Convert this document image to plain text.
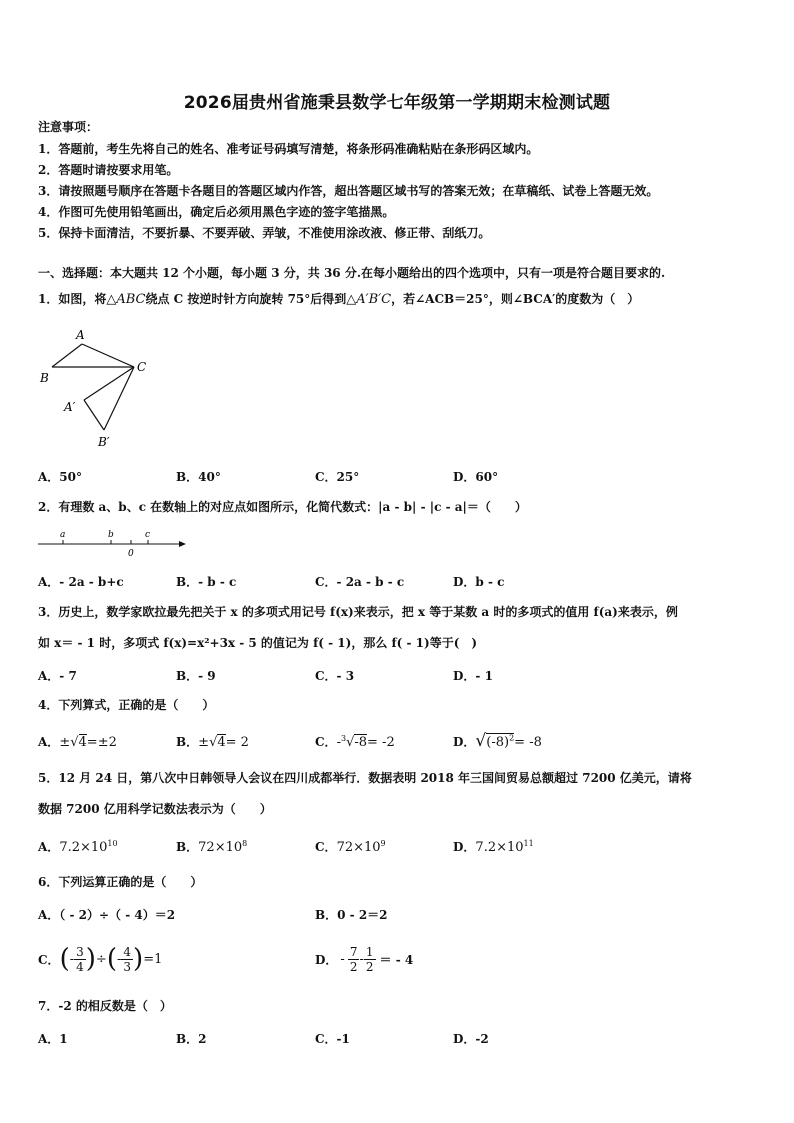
2026届贵州省施秉县数学七年级第一学期期末检测试题
注意事项：
1．答题前，考生先将自己的姓名、准考证号码填写清楚，将条形码准确粘贴在条形码区域内。
2．答题时请按要求用笔。
3．请按照题号顺序在答题卡各题目的答题区域内作答，超出答题区域书写的答案无效；在草稿纸、试卷上答题无效。
4．作图可先使用铅笔画出，确定后必须用黑色字迹的签字笔描黑。
5．保持卡面清洁，不要折暴、不要弄破、弄皱，不准使用涂改液、修正带、刮纸刀。
一、选择题：本大题共 12 个小题，每小题 3 分，共 36 分.在每小题给出的四个选项中，只有一项是符合题目要求的.
1．如图，将△ABC绕点 C 按逆时针方向旋转 75°后得到△A′B′C，若∠ACB＝25°，则∠BCA′的度数为（　）
A
B
C
A′
B′
A．50°	B．40°	C．25°	D．60°
2．有理数 a、b、c 在数轴上的对应点如图所示，化简代数式：|a - b| - |c - a|＝（　　）
a	b
0
c
A．- 2a - b+c	B．- b - c	C．- 2a - b - c	D．b - c
3．历史上，数学家欧拉最先把关于 x 的多项式用记号 f(x)来表示，把 x 等于某数 a 时的多项式的值用 f(a)来表示，例
如 x＝ - 1 时，多项式 f(x)=x²+3x - 5 的值记为 f( - 1)，那么 f( - 1)等于(　)
A．- 7	B．- 9	C．- 3	D．- 1
4．下列算式，正确的是（　　）
A．±√4=±2	B．±√4= 2	C．-$^3$√-8= -2	D．$√(-8)^2= -8$
5．12 月 24 日，第八次中日韩领导人会议在四川成都举行．数据表明 2018 年三国间贸易总额超过 7200 亿美元，请将
数据 7200 亿用科学记数法表示为（　　）
A．$7.2\times 10^{10}$	B．$72\times 10^8$	C．$72\times 10^9$	D．$7.2\times 10^{11}$
6．下列运算正确的是（　　）
A．（ - 2）÷（ - 4）＝2	B．0 - 2＝2
C． ( - $\frac{3}{4}$ ) ÷ ( - $\frac{4}{3}$ ) =1	D． - $\frac{7}{2} - \frac{1}{2}$ ＝ - 4
7．-2 的相反数是（　）
A．1	B．2	C．-1	D．-2
